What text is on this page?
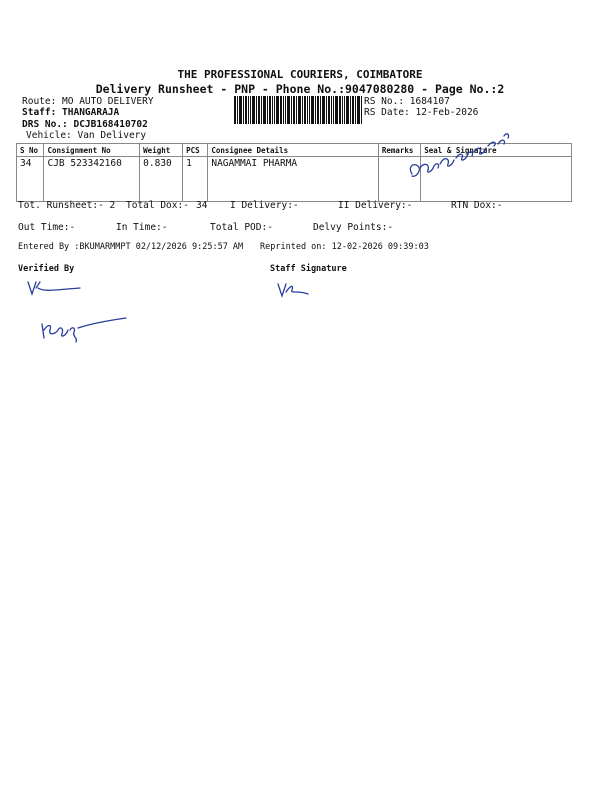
THE PROFESSIONAL COURIERS, COIMBATORE
Delivery Runsheet - PNP - Phone No.:9047080280 - Page No.:2
Route: MO AUTO DELIVERY
Staff: THANGARAJA
DRS No.: DCJB168410702
Vehicle: Van Delivery
RS No.: 1684107
RS Date: 12-Feb-2026
S No	Consignment No	Weight	PCS	Consignee Details	Remarks	Seal & Signature
34	CJB 523342160	0.830	1	NAGAMMAI PHARMA		
Tot. Runsheet:- 2 Total Dox:- 34 I Delivery:-	II Delivery:-	RTN Dox:-
Out Time:-	In Time:-	Total POD:-	Delvy Points:-
Entered By :BKUMARMMPT 02/12/2026 9:25:57 AM Reprinted on: 12-02-2026 09:39:03
Verified By	Staff Signature
